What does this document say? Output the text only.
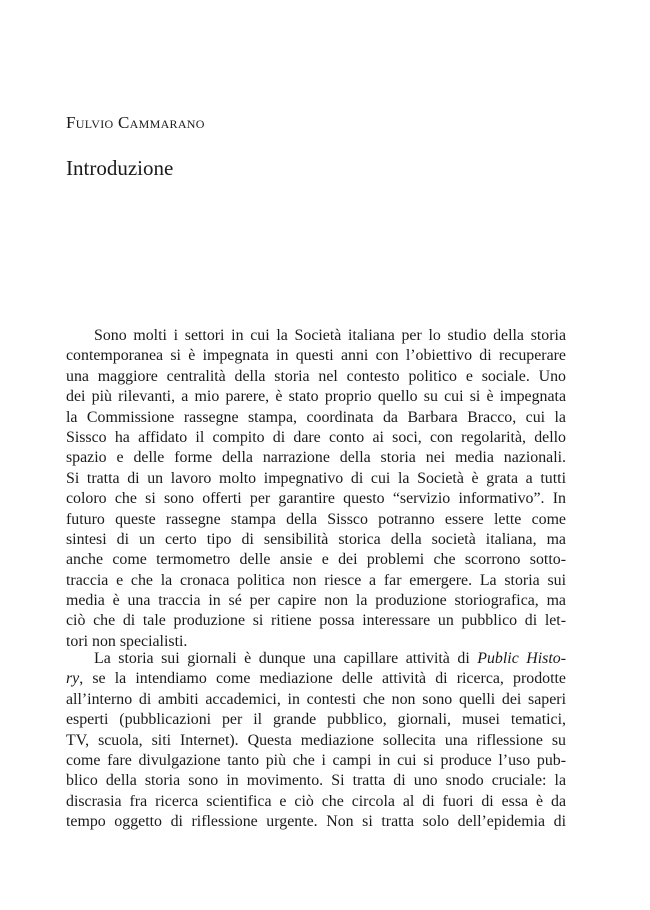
Fulvio Cammarano
Introduzione
Sono molti i settori in cui la Società italiana per lo studio della storia
contemporanea si è impegnata in questi anni con l’obiettivo di recuperare
una maggiore centralità della storia nel contesto politico e sociale. Uno
dei più rilevanti, a mio parere, è stato proprio quello su cui si è impegnata
la Commissione rassegne stampa, coordinata da Barbara Bracco, cui la
Sissco ha affidato il compito di dare conto ai soci, con regolarità, dello
spazio e delle forme della narrazione della storia nei media nazionali.
Si tratta di un lavoro molto impegnativo di cui la Società è grata a tutti
coloro che si sono offerti per garantire questo “servizio informativo”. In
futuro queste rassegne stampa della Sissco potranno essere lette come
sintesi di un certo tipo di sensibilità storica della società italiana, ma
anche come termometro delle ansie e dei problemi che scorrono sotto-
traccia e che la cronaca politica non riesce a far emergere. La storia sui
media è una traccia in sé per capire non la produzione storiografica, ma
ciò che di tale produzione si ritiene possa interessare un pubblico di let-
tori non specialisti.
La storia sui giornali è dunque una capillare attività di Public Histo-
ry, se la intendiamo come mediazione delle attività di ricerca, prodotte
all’interno di ambiti accademici, in contesti che non sono quelli dei saperi
esperti (pubblicazioni per il grande pubblico, giornali, musei tematici,
TV, scuola, siti Internet). Questa mediazione sollecita una riflessione su
come fare divulgazione tanto più che i campi in cui si produce l’uso pub-
blico della storia sono in movimento. Si tratta di uno snodo cruciale: la
discrasia fra ricerca scientifica e ciò che circola al di fuori di essa è da
tempo oggetto di riflessione urgente. Non si tratta solo dell’epidemia di
